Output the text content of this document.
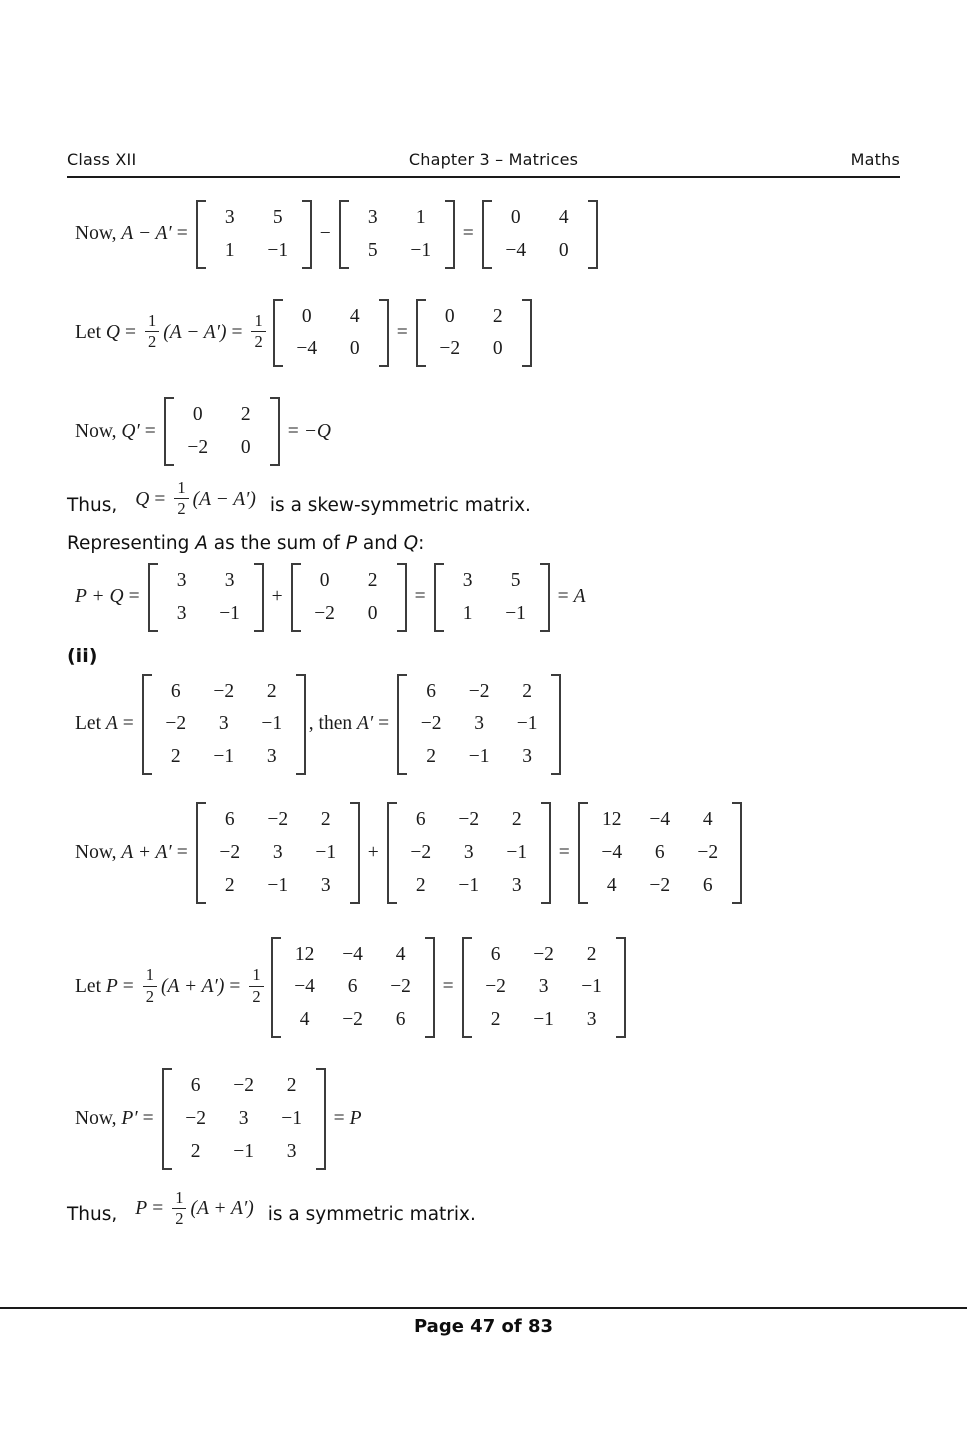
Class XII	Chapter 3 – Matrices	Maths
Now, A − A′ =
3	5
1	−1
−
3	1
5	−1
=
0	4
−4	0
Let $Q = \frac{1}{2} (A - A') = \frac{1}{2}$	0	4
−4	0
=
0	2
−2	0
Now, Q′ =
0	2
−2	0
= −Q
Thus, $Q = \frac{1}{2} (A - A')$ is a skew-symmetric matrix.
Representing A as the sum of P and Q:
P + Q =
3	3
3	−1
+
0	2
−2	0
=
3	5
1	−1
= A
(ii)
Let A =
6	−2	2
−2	3	−1
2	−1	3
, then A′ =
6	−2	2
−2	3	−1
2	−1	3
Now, A + A′ =
6	−2	2
−2	3	−1
2	−1	3
+
6	−2	2
−2	3	−1
2	−1	3
=
12	−4	4
−4	6	−2
4	−2	6
Let $P = \frac{1}{2} (A + A') = \frac{1}{2}$
12	−4	4
−4	6	−2
4	−2	6
=
6	−2	2
−2	3	−1
2	−1	3
Now, P′ =
6	−2	2
−2	3	−1
2	−1	3
= P
Thus, $P = \frac{1}{2} (A + A')$ is a symmetric matrix.
Page 47 of 83
